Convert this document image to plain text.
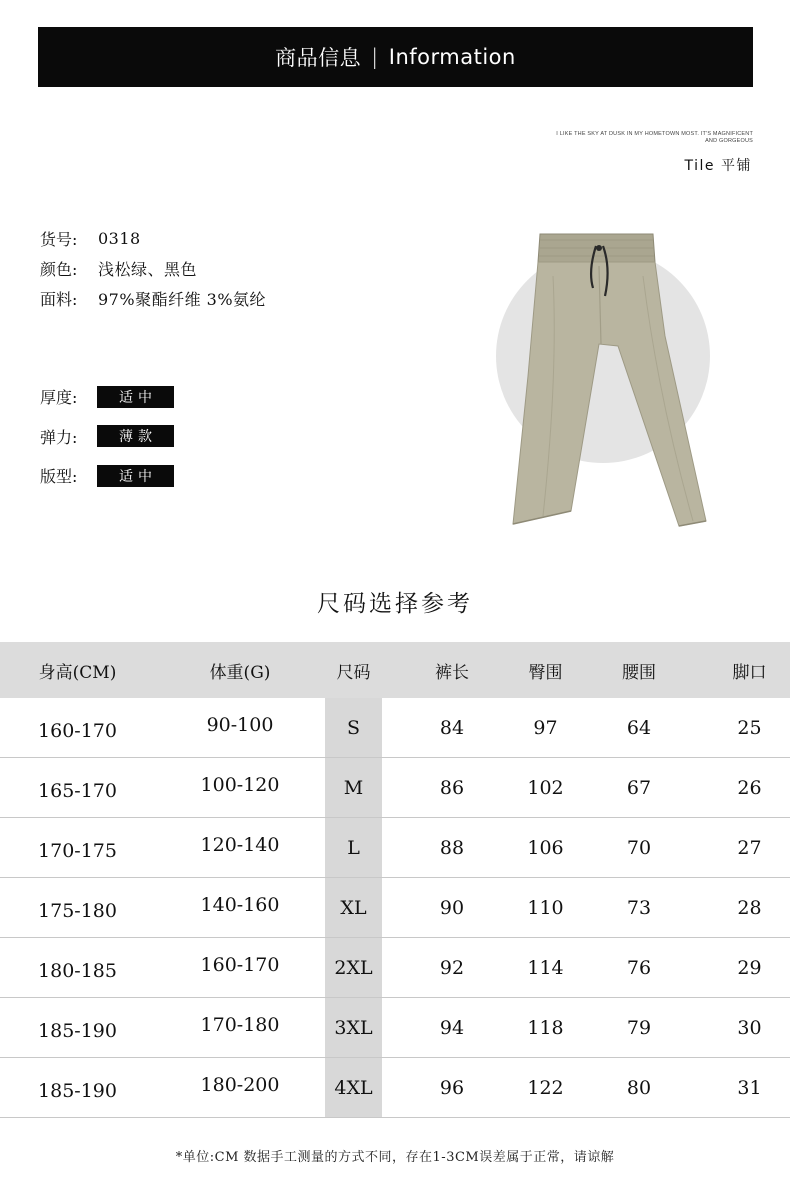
商品信息 | Information
I LIKE THE SKY AT DUSK IN MY HOMETOWN MOST. IT'S MAGNIFICENT AND GORGEOUS
Tile 平铺
货号:	0318
颜色:	浅松绿、黑色
面料:	97%聚酯纤维 3%氨纶
厚度:	适中
弹力:	薄款
版型:	适中
尺码选择参考
身高(CM)	体重(G)	尺码	裤长	臀围	腰围	脚口
160-170	90-100	S	84	97	64	25
165-170	100-120	M	86	102	67	26
170-175	120-140	L	88	106	70	27
175-180	140-160	XL	90	110	73	28
180-185	160-170	2XL	92	114	76	29
185-190	170-180	3XL	94	118	79	30
185-190	180-200	4XL	96	122	80	31
*单位:CM 数据手工测量的方式不同，存在1-3CM误差属于正常，请谅解
